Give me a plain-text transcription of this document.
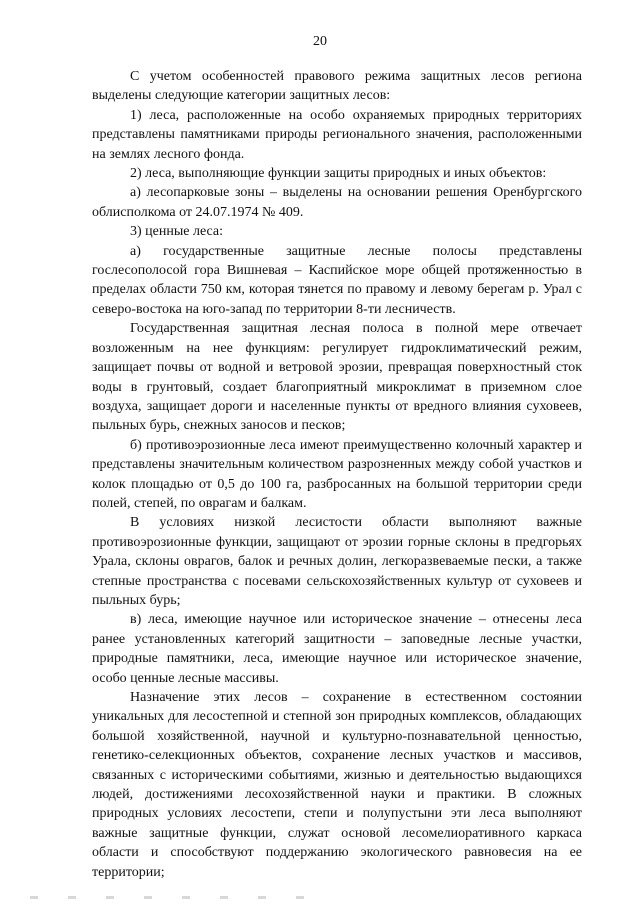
20

С учетом особенностей правового режима защитных лесов региона выделены следующие категории защитных лесов:

1) леса, расположенные на особо охраняемых природных территориях представлены памятниками природы регионального значения, расположенными на землях лесного фонда.

2) леса, выполняющие функции защиты природных и иных объектов:

а) лесопарковые зоны – выделены на основании решения Оренбургского облисполкома от 24.07.1974 № 409.

3) ценные леса:

а) государственные защитные лесные полосы представлены гослесополосой гора Вишневая – Каспийское море общей протяженностью в пределах области 750 км, которая тянется по правому и левому берегам р. Урал с северо-востока на юго-запад по территории 8-ти лесничеств.

Государственная защитная лесная полоса в полной мере отвечает возложенным на нее функциям: регулирует гидроклиматический режим, защищает почвы от водной и ветровой эрозии, превращая поверхностный сток воды в грунтовый, создает благоприятный микроклимат в приземном слое воздуха, защищает дороги и населенные пункты от вредного влияния суховеев, пыльных бурь, снежных заносов и песков;

б) противоэрозионные леса имеют преимущественно колочный характер и представлены значительным количеством разрозненных между собой участков и колок площадью от 0,5 до 100 га, разбросанных на большой территории среди полей, степей, по оврагам и балкам.

В условиях низкой лесистости области выполняют важные противоэрозионные функции, защищают от эрозии горные склоны в предгорьях Урала, склоны оврагов, балок и речных долин, легкоразвеваемые пески, а также степные пространства с посевами сельскохозяйственных культур от суховеев и пыльных бурь;

в) леса, имеющие научное или историческое значение – отнесены леса ранее установленных категорий защитности – заповедные лесные участки, природные памятники, леса, имеющие научное или историческое значение, особо ценные лесные массивы.

Назначение этих лесов – сохранение в естественном состоянии уникальных для лесостепной и степной зон природных комплексов, обладающих большой хозяйственной, научной и культурно-познавательной ценностью, генетико-селекционных объектов, сохранение лесных участков и массивов, связанных с историческими событиями, жизнью и деятельностью выдающихся людей, достижениями лесохозяйственной науки и практики. В сложных природных условиях лесостепи, степи и полупустыни эти леса выполняют важные защитные функции, служат основой лесомелиоративного каркаса области и способствуют поддержанию экологического равновесия на ее территории;
